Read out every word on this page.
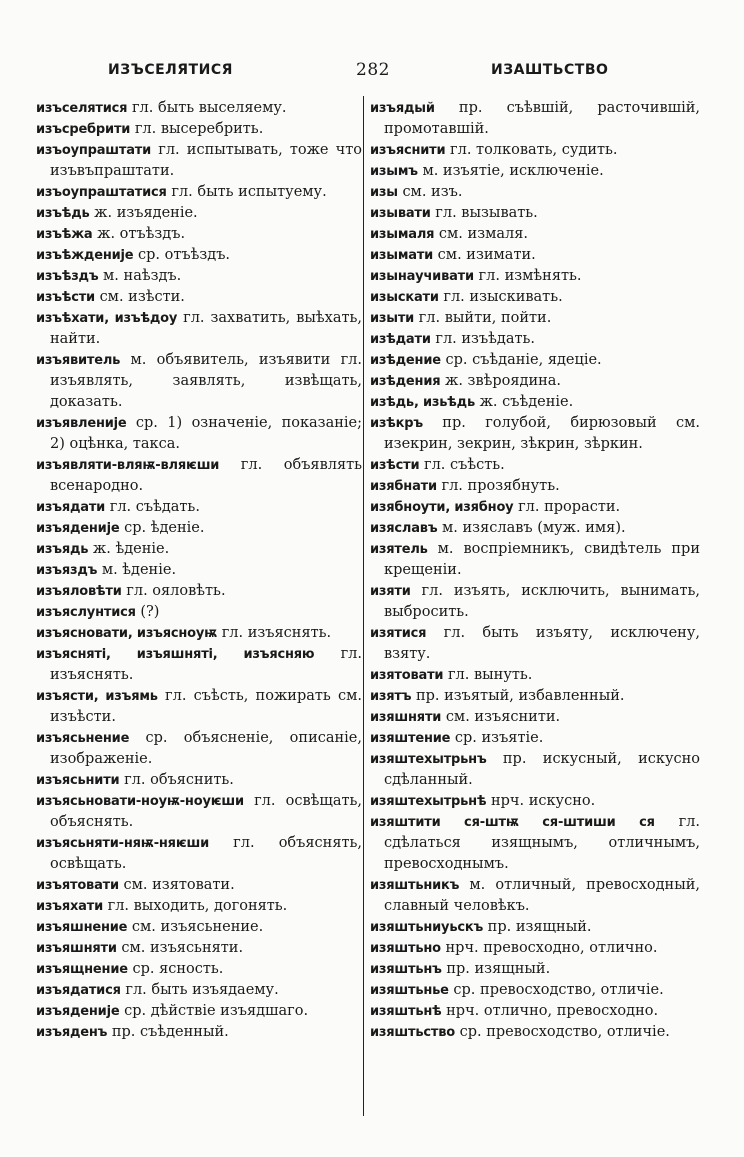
ИЗЪСЕЛЯТИСЯ	282	ИЗАШТЬСТВО
изъселятися гл. быть выселяему.
изъсребрити гл. высеребрить.
изъоупраштати гл. испытывать, тоже что изъвъпраштати.
изъоупраштатися гл. быть испытуему.
изъѣдь ж. изъяденіе.
изъѣжа ж. отъѣздъ.
изъѣжденије ср. отъѣздъ.
изъѣздъ м. наѣздъ.
изъѣсти см. изѣсти.
изъѣхати, изъѣдоу гл. захватить, выѣхать, найти.
изъявитель м. объявитель, изъявити гл. изъявлять, заявлять, извѣщать, доказать.
изъявленије ср. 1) означеніе, показаніе; 2) оцѣнка, такса.
изъявляти-вляѭ-вляѥши гл. объявлять всенародно.
изъядати гл. съѣдать.
изъяденије ср. ѣденіе.
изъядь ж. ѣденіе.
изъяздъ м. ѣденіе.
изъяловѣти гл. ояловѣть.
изъяслунтися (?)
изъясновати, изъясноуѭ гл. изъяснять.
изъяснятi, изъяшнятi, изъясняю гл. изъяснять.
изъясти, изъямь гл. съѣсть, пожирать см. изъѣсти.
изъясьнение ср. объясненіе, описаніе, изображеніе.
изъясьнити гл. объяснить.
изъясьновати-ноуѭ-ноуѥши гл. освѣщать, объяснять.
изъясьняти-няѭ-няѥши гл. объяснять, освѣщать.
изъятовати см. изятовати.
изъяхати гл. выходить, догонять.
изъяшнение см. изъясьнение.
изъяшняти см. изъясьняти.
изъящнение ср. ясность.
изъядатися гл. быть изъядаему.
изъяденије ср. дѣйствіе изъядшаго.
изъяденъ пр. съѣденный.
изъядый пр. съѣвшій, расточившій, промотавшій.
изъяснити гл. толковать, судить.
изымъ м. изъятіе, исключеніе.
изы см. изъ.
изывати гл. вызывать.
изымаля см. измаля.
изымати см. изимати.
изынаучивати гл. измѣнять.
изыскати гл. изыскивать.
изыти гл. выйти, пойти.
изѣдати гл. изъѣдать.
изѣдение ср. съѣданіе, ядеціе.
изѣдения ж. звѣроядина.
изѣдь, изьѣдь ж. съѣденіе.
изѣкръ пр. голубой, бирюзовый см. изекрин, зекрин, зѣкрин, зѣркин.
изѣсти гл. съѣсть.
изябнати гл. прозябнуть.
изябноути, изябноу гл. прорасти.
изяславъ м. изяславъ (муж. имя).
изятель м. воспріемникъ, свидѣтель при крещеніи.
изяти гл. изъять, исключить, вынимать, выбросить.
изятися гл. быть изъяту, исключену, взяту.
изятовати гл. вынуть.
изятъ пр. изъятый, избавленный.
изяшняти см. изъяснити.
изяштение ср. изъятіе.
изяштехытрьнъ пр. искусный, искусно сдѣланный.
изяштехытрьнѣ нрч. искусно.
изяштити ся-штѭ ся-штиши ся гл. сдѣлаться изящнымъ, отличнымъ, превосходнымъ.
изяштьникъ м. отличный, превосходный, славный человѣкъ.
изяштьниуьскъ пр. изящный.
изяштьно нрч. превосходно, отлично.
изяштьнъ пр. изящный.
изяштьнье ср. превосходство, отличіе.
изяштьнѣ нрч. отлично, превосходно.
изяштьство ср. превосходство, отличіе.
